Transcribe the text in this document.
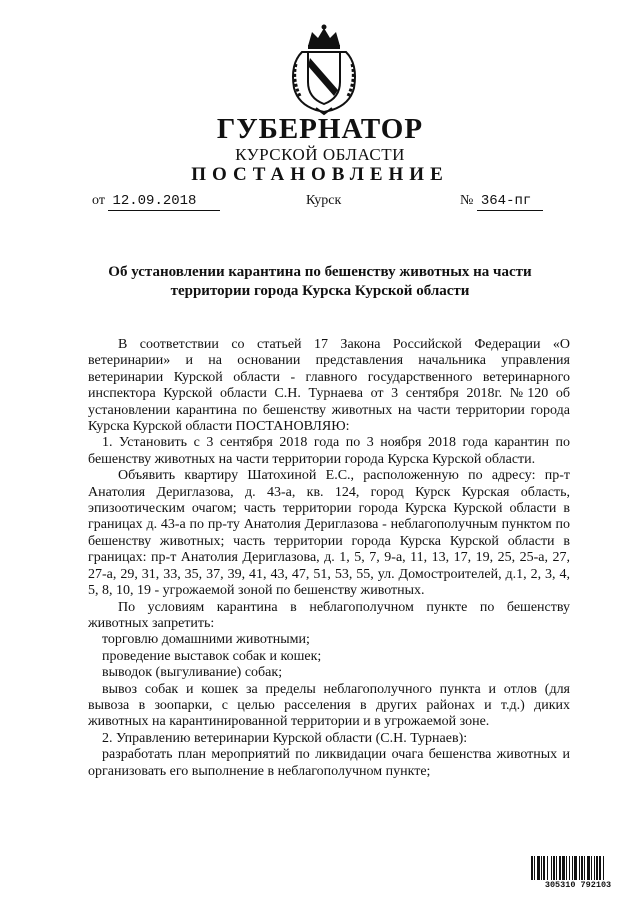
ГУБЕРНАТОР
КУРСКОЙ ОБЛАСТИ
ПОСТАНОВЛЕНИЕ
от 12.09.2018	Курск	№ 364-пг
Об установлении карантина по бешенству животных на части
территории города Курска Курской области

В соответствии со статьей 17 Закона Российской Федерации «О ветеринарии» и на основании представления начальника управления ветеринарии Курской области - главного государственного ветеринарного инспектора Курской области С.Н. Турнаева от 3 сентября 2018г. №120 об установлении карантина по бешенству животных на части территории города Курска Курской области ПОСТАНОВЛЯЮ:

1. Установить с 3 сентября 2018 года по 3 ноября 2018 года карантин по бешенству животных на части территории города Курска Курской области.

Объявить квартиру Шатохиной Е.С., расположенную по адресу: пр-т Анатолия Дериглазова, д. 43-а, кв. 124, город Курск Курская область, эпизоотическим очагом; часть территории города Курска Курской области в границах д. 43-а по пр-ту Анатолия Дериглазова - неблагополучным пунктом по бешенству животных; часть территории города Курска Курской области в границах: пр-т Анатолия Дериглазова, д. 1, 5, 7, 9-а, 11, 13, 17, 19, 25, 25-а, 27, 27-а, 29, 31, 33, 35, 37, 39, 41, 43, 47, 51, 53, 55, ул. Домостроителей, д.1, 2, 3, 4, 5, 8, 10, 19 - угрожаемой зоной по бешенству животных.

По условиям карантина в неблагополучном пункте по бешенству животных запретить:

торговлю домашними животными;

проведение выставок собак и кошек;

выводок (выгуливание) собак;

вывоз собак и кошек за пределы неблагополучного пункта и отлов (для вывоза в зоопарки, с целью расселения в других районах и т.д.) диких животных на карантинированной территории и в угрожаемой зоне.

2. Управлению ветеринарии Курской области (С.Н. Турнаев):

разработать план мероприятий по ликвидации очага бешенства животных и организовать его выполнение в неблагополучном пункте;

305310 792103
